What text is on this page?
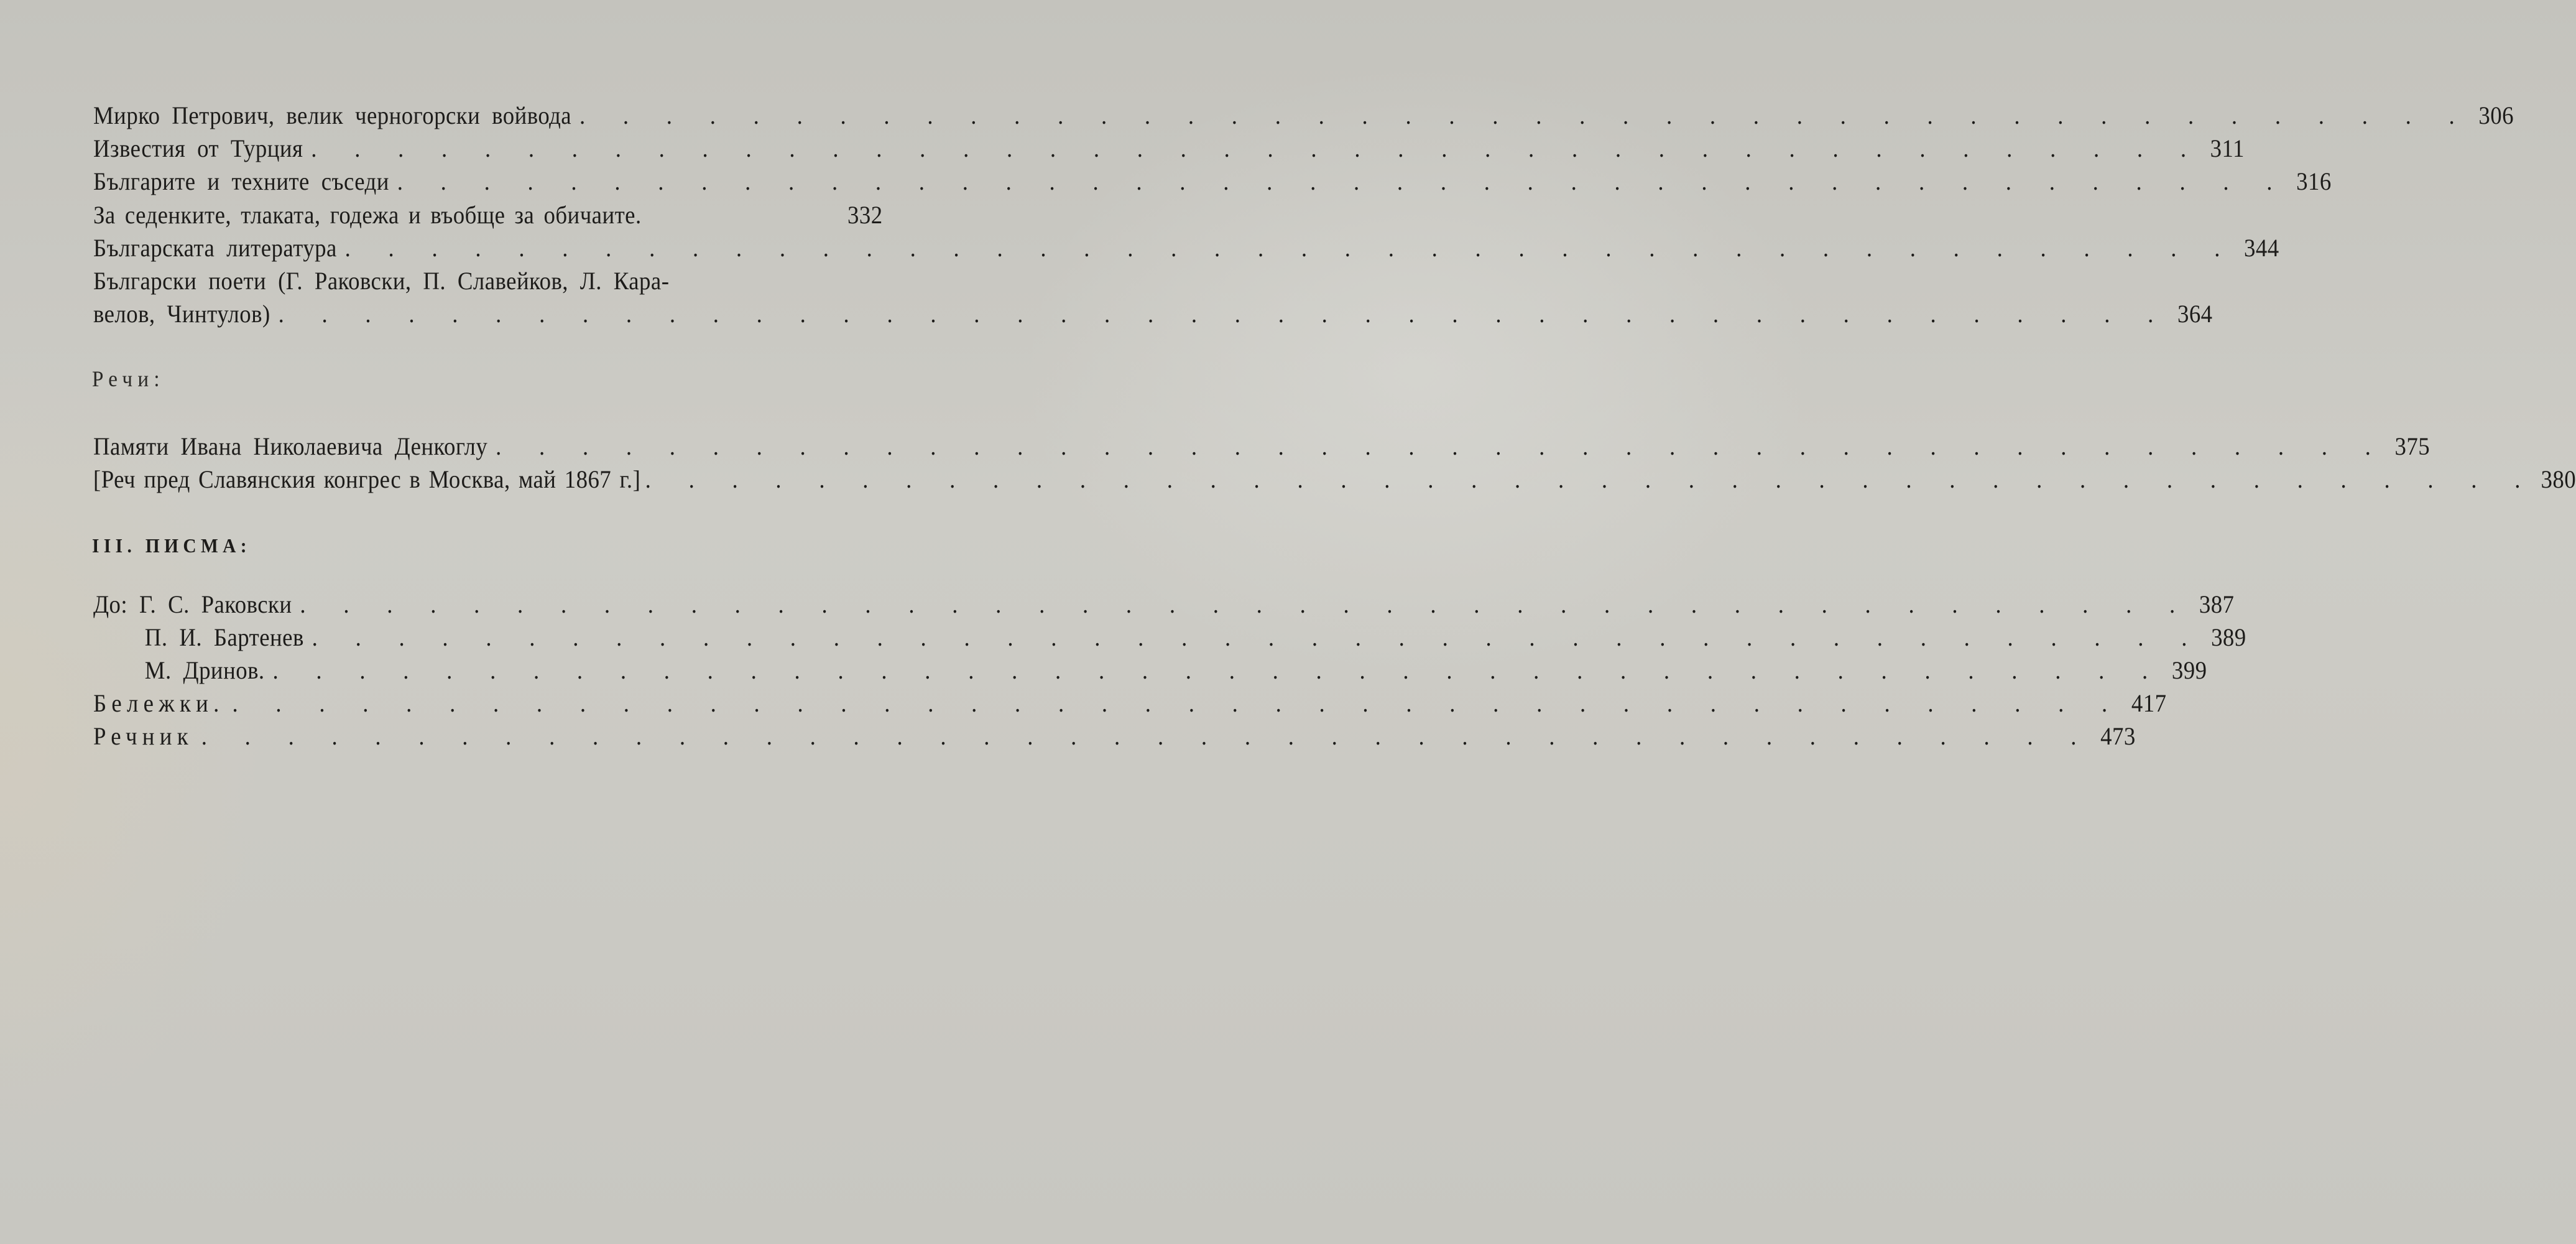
Мирко Петрович, велик черногорски войвода . . . . . . . . . . . . . . . . . . . . . . . . . . . . . . . . . . . . . . . . . . . . 306
Известия от Турция . . . . . . . . . . . . . . . . . . . . . . . . . . . . . . . . . . . . . . . . . . . . 311
Българите и техните съседи . . . . . . . . . . . . . . . . . . . . . . . . . . . . . . . . . . . . . . . . . . . . 316
За седенките, тлаката, годежа и въобще за обичаите.	332
Българската литература . . . . . . . . . . . . . . . . . . . . . . . . . . . . . . . . . . . . . . . . . . . . 344
Български поети (Г. Раковски, П. Славейков, Л. Кара-
велов, Чинтулов) . . . . . . . . . . . . . . . . . . . . . . . . . . . . . . . . . . . . . . . . . . . . 364
Речи:
Памяти Ивана Николаевича Денкоглу . . . . . . . . . . . . . . . . . . . . . . . . . . . . . . . . . . . . . . . . . . . . 375
[Реч пред Славянския конгрес в Москва, май 1867 г.] . . . . . . . . . . . . . . . . . . . . . . . . . . . . . . . . . . . . . . . . . . . . 380
III. ПИСМА:
До: Г. С. Раковски . . . . . . . . . . . . . . . . . . . . . . . . . . . . . . . . . . . . . . . . . . . . 387
П. И. Бартенев . . . . . . . . . . . . . . . . . . . . . . . . . . . . . . . . . . . . . . . . . . . . 389
М. Дринов. . . . . . . . . . . . . . . . . . . . . . . . . . . . . . . . . . . . . . . . . . . . . 399
Бележки. . . . . . . . . . . . . . . . . . . . . . . . . . . . . . . . . . . . . . . . . . . . . 417
Речник . . . . . . . . . . . . . . . . . . . . . . . . . . . . . . . . . . . . . . . . . . . . 473
